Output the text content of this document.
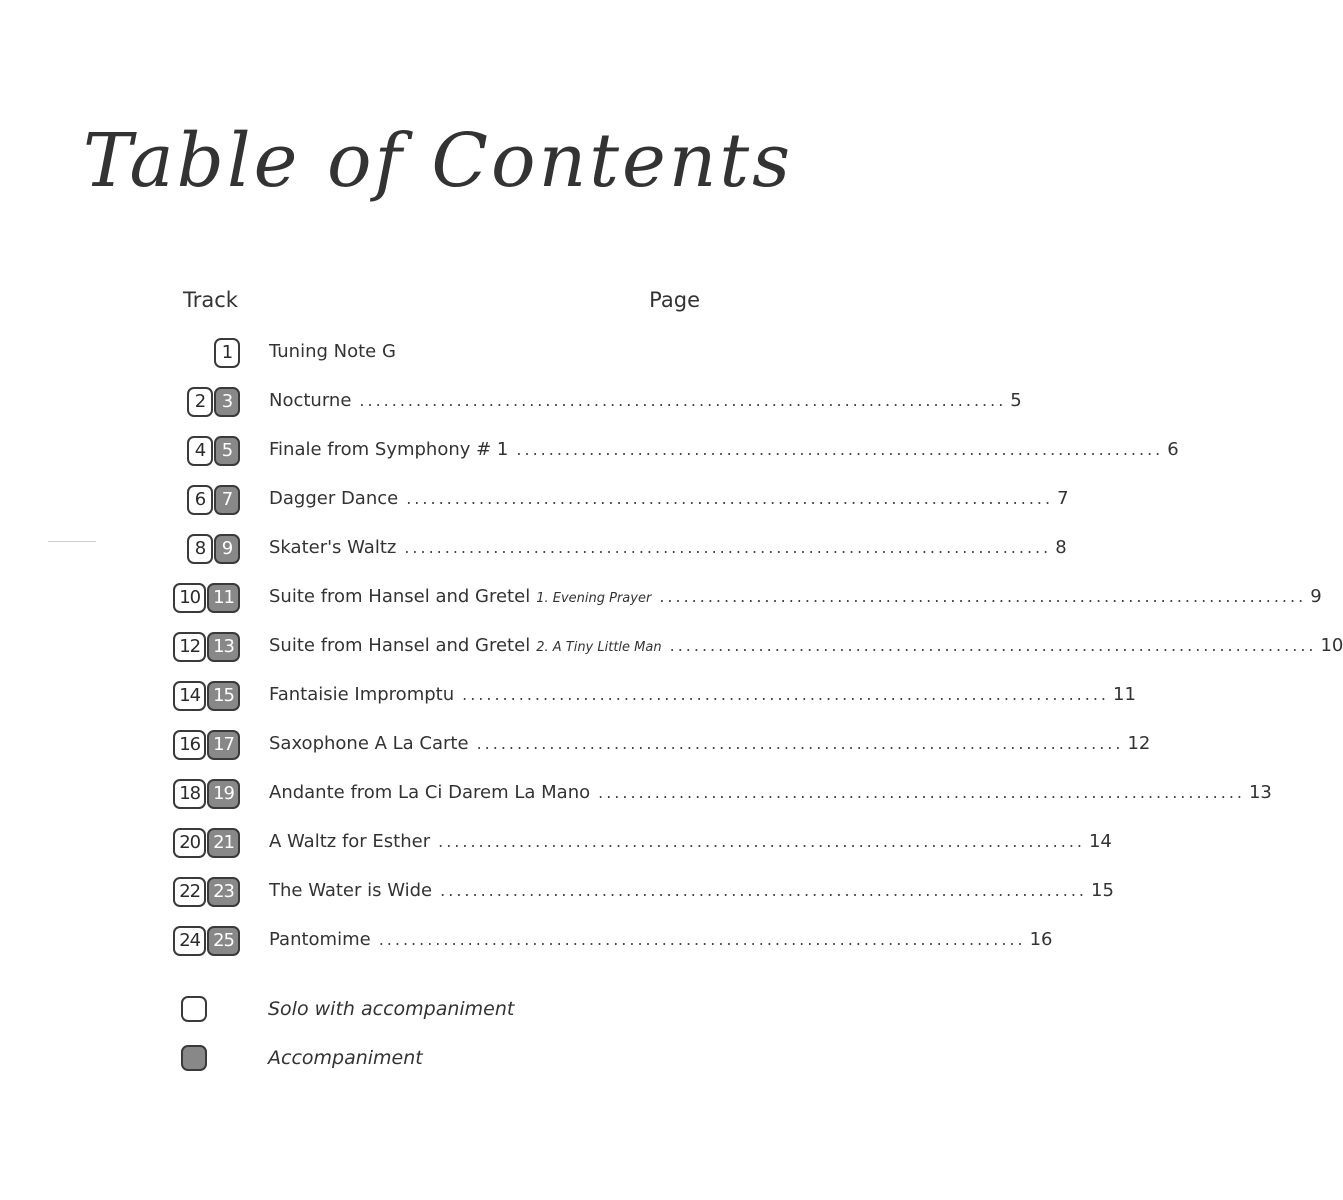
Table of Contents
Track	Page
1	Tuning Note G
2 3	Nocturne ................................................................................ 5
4 5	Finale from Symphony # 1 ................................................................................ 6
6 7	Dagger Dance ................................................................................ 7
8 9	Skater's Waltz ................................................................................ 8
10 11	Suite from Hansel and Gretel 1. Evening Prayer ................................................................................ 9
12 13	Suite from Hansel and Gretel 2. A Tiny Little Man ................................................................................ 10
14 15	Fantaisie Impromptu ................................................................................ 11
16 17	Saxophone A La Carte ................................................................................ 12
18 19	Andante from La Ci Darem La Mano ................................................................................ 13
20 21	A Waltz for Esther ................................................................................ 14
22 23	The Water is Wide ................................................................................ 15
24 25	Pantomime ................................................................................ 16
Solo with accompaniment
Accompaniment
